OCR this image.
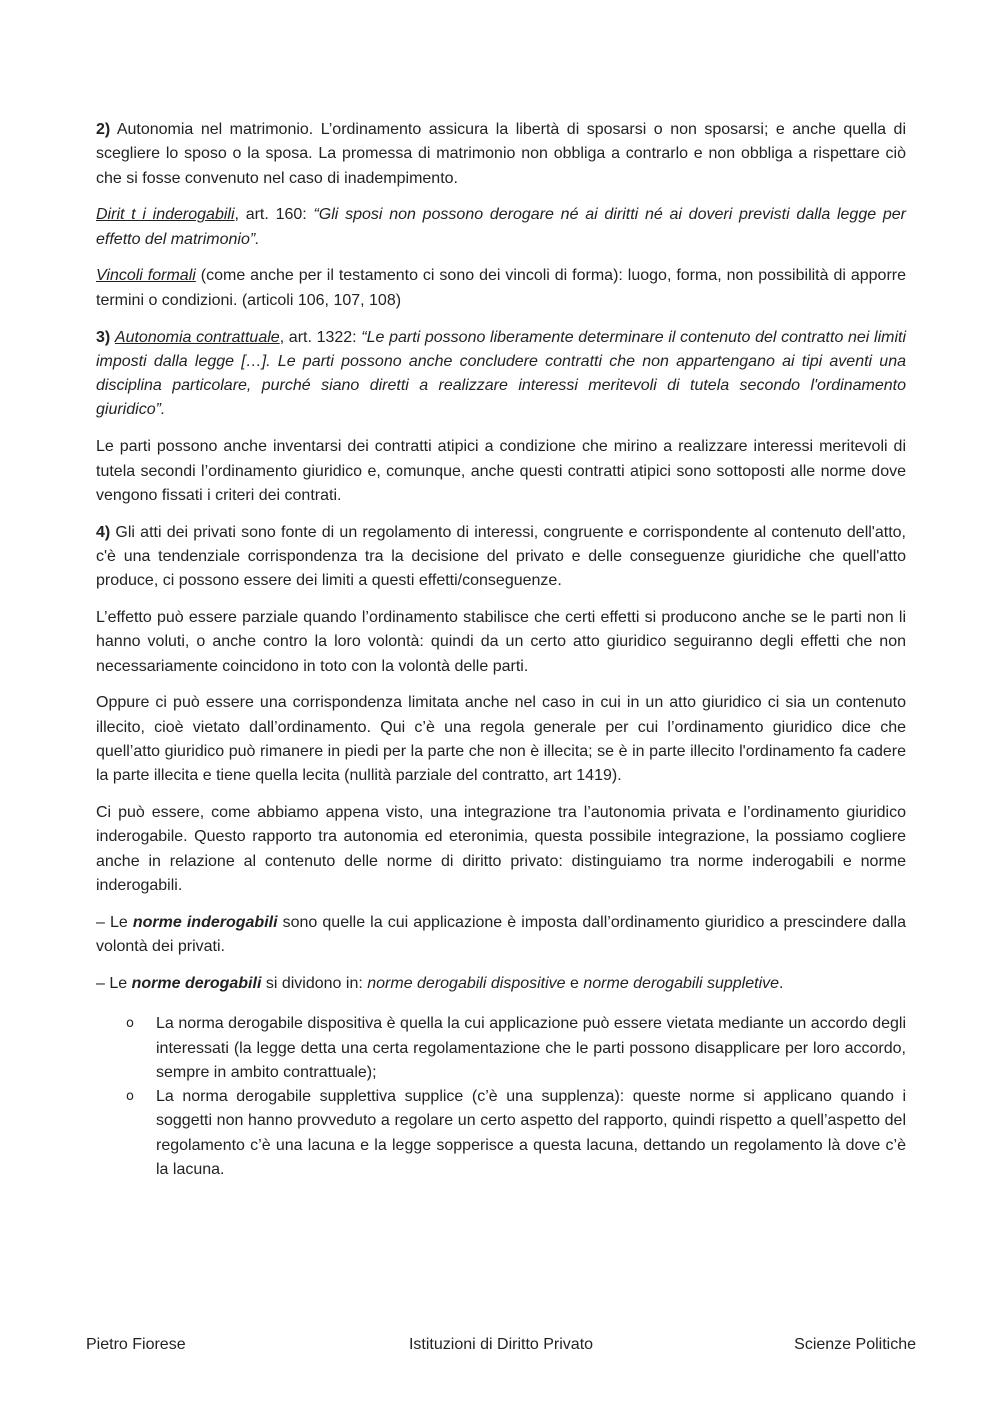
2) Autonomia nel matrimonio. L’ordinamento assicura la libertà di sposarsi o non sposarsi; e anche quella di scegliere lo sposo o la sposa. La promessa di matrimonio non obbliga a contrarlo e non obbliga a rispettare ciò che si fosse convenuto nel caso di inadempimento.

Dirit t i inderogabili, art. 160: “Gli sposi non possono derogare né ai diritti né ai doveri previsti dalla legge per effetto del matrimonio”.

Vincoli formali (come anche per il testamento ci sono dei vincoli di forma): luogo, forma, non possibilità di apporre termini o condizioni. (articoli 106, 107, 108)

3) Autonomia contrattuale, art. 1322: “Le parti possono liberamente determinare il contenuto del contratto nei limiti imposti dalla legge […]. Le parti possono anche concludere contratti che non appartengano ai tipi aventi una disciplina particolare, purché siano diretti a realizzare interessi meritevoli di tutela secondo l'ordinamento giuridico”.

Le parti possono anche inventarsi dei contratti atipici a condizione che mirino a realizzare interessi meritevoli di tutela secondi l’ordinamento giuridico e, comunque, anche questi contratti atipici sono sottoposti alle norme dove vengono fissati i criteri dei contrati.

4) Gli atti dei privati sono fonte di un regolamento di interessi, congruente e corrispondente al contenuto dell'atto, c'è una tendenziale corrispondenza tra la decisione del privato e delle conseguenze giuridiche che quell'atto produce, ci possono essere dei limiti a questi effetti/conseguenze.

L’effetto può essere parziale quando l’ordinamento stabilisce che certi effetti si producono anche se le parti non li hanno voluti, o anche contro la loro volontà: quindi da un certo atto giuridico seguiranno degli effetti che non necessariamente coincidono in toto con la volontà delle parti.

Oppure ci può essere una corrispondenza limitata anche nel caso in cui in un atto giuridico ci sia un contenuto illecito, cioè vietato dall’ordinamento. Qui c’è una regola generale per cui l’ordinamento giuridico dice che quell’atto giuridico può rimanere in piedi per la parte che non è illecita; se è in parte illecito l'ordinamento fa cadere la parte illecita e tiene quella lecita (nullità parziale del contratto, art 1419).

Ci può essere, come abbiamo appena visto, una integrazione tra l’autonomia privata e l’ordinamento giuridico inderogabile. Questo rapporto tra autonomia ed eteronimia, questa possibile integrazione, la possiamo cogliere anche in relazione al contenuto delle norme di diritto privato: distinguiamo tra norme inderogabili e norme inderogabili.

– Le norme inderogabili sono quelle la cui applicazione è imposta dall’ordinamento giuridico a prescindere dalla volontà dei privati.

– Le norme derogabili si dividono in: norme derogabili dispositive e norme derogabili suppletive.

o La norma derogabile dispositiva è quella la cui applicazione può essere vietata mediante un accordo degli interessati (la legge detta una certa regolamentazione che le parti possono disapplicare per loro accordo, sempre in ambito contrattuale);
o La norma derogabile supplettiva supplice (c’è una supplenza): queste norme si applicano quando i soggetti non hanno provveduto a regolare un certo aspetto del rapporto, quindi rispetto a quell’aspetto del regolamento c’è una lacuna e la legge sopperisce a questa lacuna, dettando un regolamento là dove c’è la lacuna.
Pietro Fiorese	Istituzioni di Diritto Privato	Scienze Politiche
